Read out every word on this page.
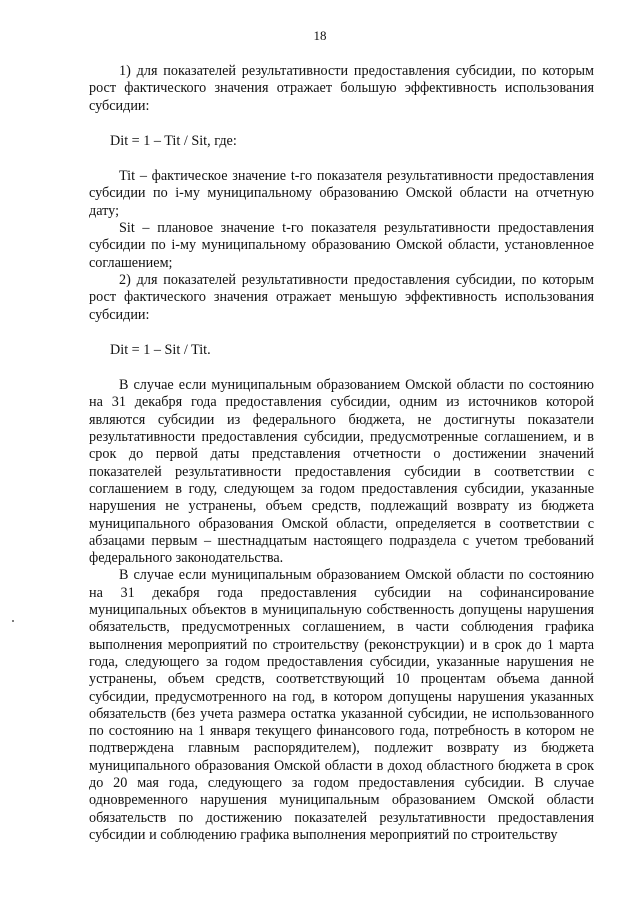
18

1) для показателей результативности предоставления субсидии, по которым рост фактического значения отражает большую эффективность использования субсидии:

Dit = 1 – Tit / Sit, где:

Tit – фактическое значение t-го показателя результативности предоставления субсидии по i-му муниципальному образованию Омской области на отчетную дату;

Sit – плановое значение t-го показателя результативности предоставления субсидии по i-му муниципальному образованию Омской области, установленное соглашением;

2) для показателей результативности предоставления субсидии, по которым рост фактического значения отражает меньшую эффективность использования субсидии:

Dit = 1 – Sit / Tit.

В случае если муниципальным образованием Омской области по состоянию на 31 декабря года предоставления субсидии, одним из источников которой являются субсидии из федерального бюджета, не достигнуты показатели результативности предоставления субсидии, предусмотренные соглашением, и в срок до первой даты представления отчетности о достижении значений показателей результативности предоставления субсидии в соответствии с соглашением в году, следующем за годом предоставления субсидии, указанные нарушения не устранены, объем средств, подлежащий возврату из бюджета муниципального образования Омской области, определяется в соответствии с абзацами первым – шестнадцатым настоящего подраздела с учетом требований федерального законодательства.

В случае если муниципальным образованием Омской области по состоянию на 31 декабря года предоставления субсидии на софинансирование муниципальных объектов в муниципальную собственность допущены нарушения обязательств, предусмотренных соглашением, в части соблюдения графика выполнения мероприятий по строительству (реконструкции) и в срок до 1 марта года, следующего за годом предоставления субсидии, указанные нарушения не устранены, объем средств, соответствующий 10 процентам объема данной субсидии, предусмотренного на год, в котором допущены нарушения указанных обязательств (без учета размера остатка указанной субсидии, не использованного по состоянию на 1 января текущего финансового года, потребность в котором не подтверждена главным распорядителем), подлежит возврату из бюджета муниципального образования Омской области в доход областного бюджета в срок до 20 мая года, следующего за годом предоставления субсидии. В случае одновременного нарушения муниципальным образованием Омской области обязательств по достижению показателей результативности предоставления субсидии и соблюдению графика выполнения мероприятий по строительству
